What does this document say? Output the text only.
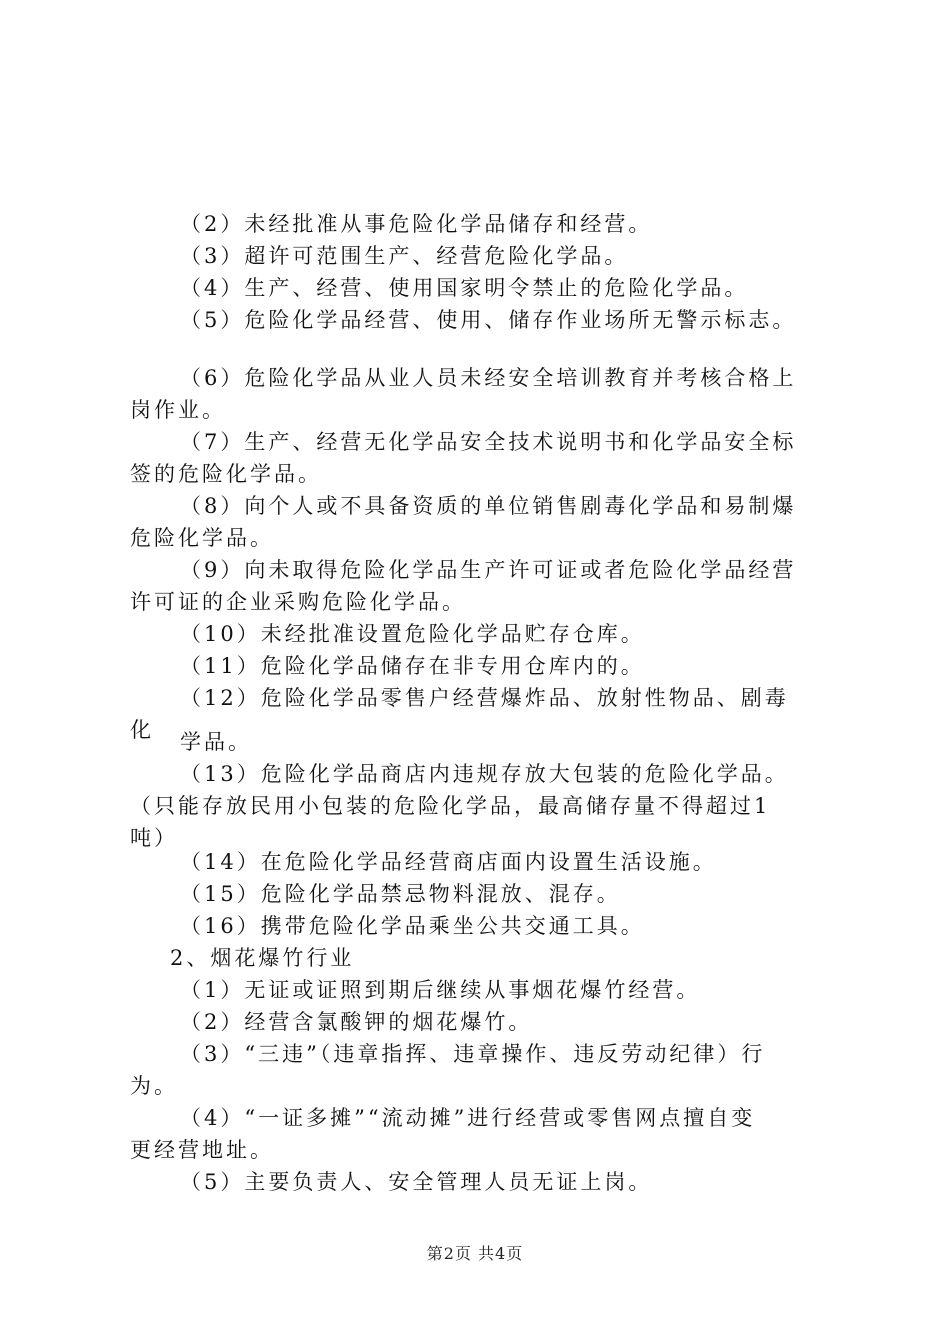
（2）未经批准从事危险化学品储存和经营。
（3）超许可范围生产、经营危险化学品。
（4）生产、经营、使用国家明令禁止的危险化学品。
（5）危险化学品经营、使用、储存作业场所无警示标志。
（6）危险化学品从业人员未经安全培训教育并考核合格上
岗作业。
（7）生产、经营无化学品安全技术说明书和化学品安全标
签的危险化学品。
（8）向个人或不具备资质的单位销售剧毒化学品和易制爆
危险化学品。
（9）向未取得危险化学品生产许可证或者危险化学品经营
许可证的企业采购危险化学品。
（10）未经批准设置危险化学品贮存仓库。
（11）危险化学品储存在非专用仓库内的。
（12）危险化学品零售户经营爆炸品、放射性物品、剧毒
化	学品。
（13）危险化学品商店内违规存放大包装的危险化学品。
（只能存放民用小包装的危险化学品，最高储存量不得超过1
吨）
（14）在危险化学品经营商店面内设置生活设施。
（15）危险化学品禁忌物料混放、混存。
（16）携带危险化学品乘坐公共交通工具。
2、烟花爆竹行业
（1）无证或证照到期后继续从事烟花爆竹经营。
（2）经营含氯酸钾的烟花爆竹。
（3）“三违”（违章指挥、违章操作、违反劳动纪律）行
为。
（4）“一证多摊”“流动摊”进行经营或零售网点擅自变
更经营地址。
（5）主要负责人、安全管理人员无证上岗。
第2页 共4页
